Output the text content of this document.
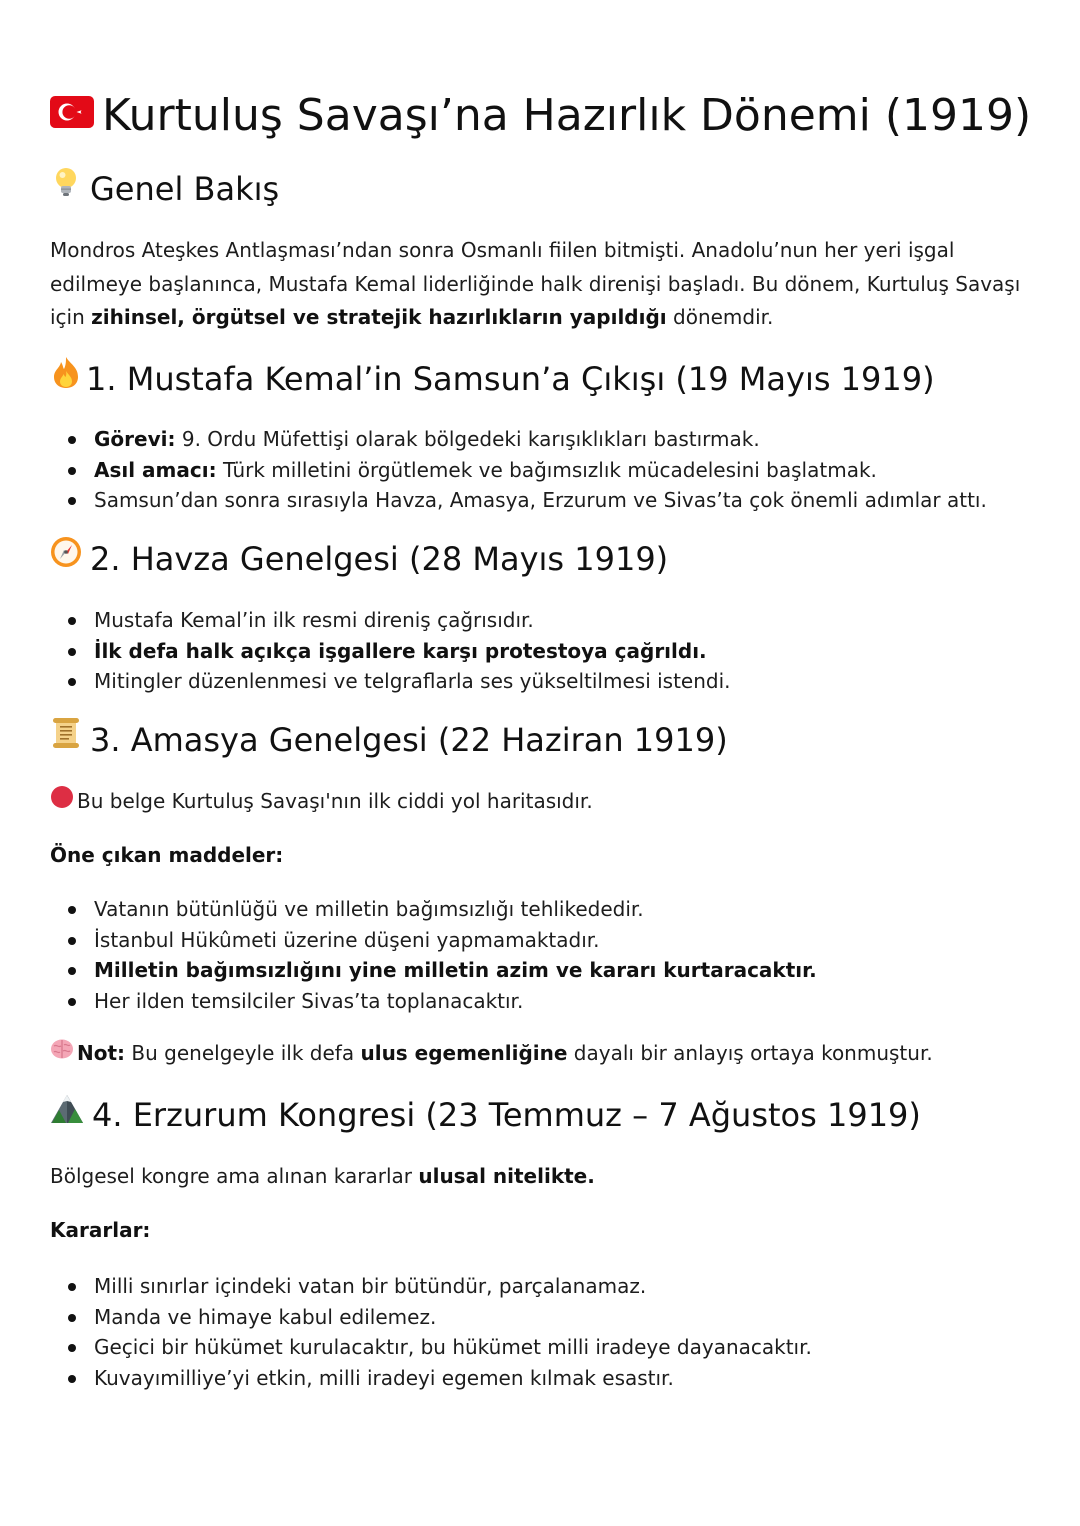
Kurtuluş Savaşı’na Hazırlık Dönemi (1919)
Genel Bakış

Mondros Ateşkes Antlaşması’ndan sonra Osmanlı fiilen bitmişti. Anadolu’nun her yeri işgal edilmeye başlanınca, Mustafa Kemal liderliğinde halk direnişi başladı. Bu dönem, Kurtuluş Savaşı için zihinsel, örgütsel ve stratejik hazırlıkların yapıldığı dönemdir.

1. Mustafa Kemal’in Samsun’a Çıkışı (19 Mayıs 1919)
Görevi: 9. Ordu Müfettişi olarak bölgedeki karışıklıkları bastırmak.
Asıl amacı: Türk milletini örgütlemek ve bağımsızlık mücadelesini başlatmak.
Samsun’dan sonra sırasıyla Havza, Amasya, Erzurum ve Sivas’ta çok önemli adımlar attı.
2. Havza Genelgesi (28 Mayıs 1919)
Mustafa Kemal’in ilk resmi direniş çağrısıdır.
İlk defa halk açıkça işgallere karşı protestoya çağrıldı.
Mitingler düzenlenmesi ve telgraflarla ses yükseltilmesi istendi.
3. Amasya Genelgesi (22 Haziran 1919)

Bu belge Kurtuluş Savaşı'nın ilk ciddi yol haritasıdır.

Öne çıkan maddeler:

Vatanın bütünlüğü ve milletin bağımsızlığı tehlikededir.
İstanbul Hükûmeti üzerine düşeni yapmamaktadır.
Milletin bağımsızlığını yine milletin azim ve kararı kurtaracaktır.
Her ilden temsilciler Sivas’ta toplanacaktır.

Not: Bu genelgeyle ilk defa ulus egemenliğine dayalı bir anlayış ortaya konmuştur.

4. Erzurum Kongresi (23 Temmuz – 7 Ağustos 1919)

Bölgesel kongre ama alınan kararlar ulusal nitelikte.

Kararlar:

Milli sınırlar içindeki vatan bir bütündür, parçalanamaz.
Manda ve himaye kabul edilemez.
Geçici bir hükümet kurulacaktır, bu hükümet milli iradeye dayanacaktır.
Kuvayımilliye’yi etkin, milli iradeyi egemen kılmak esastır.
